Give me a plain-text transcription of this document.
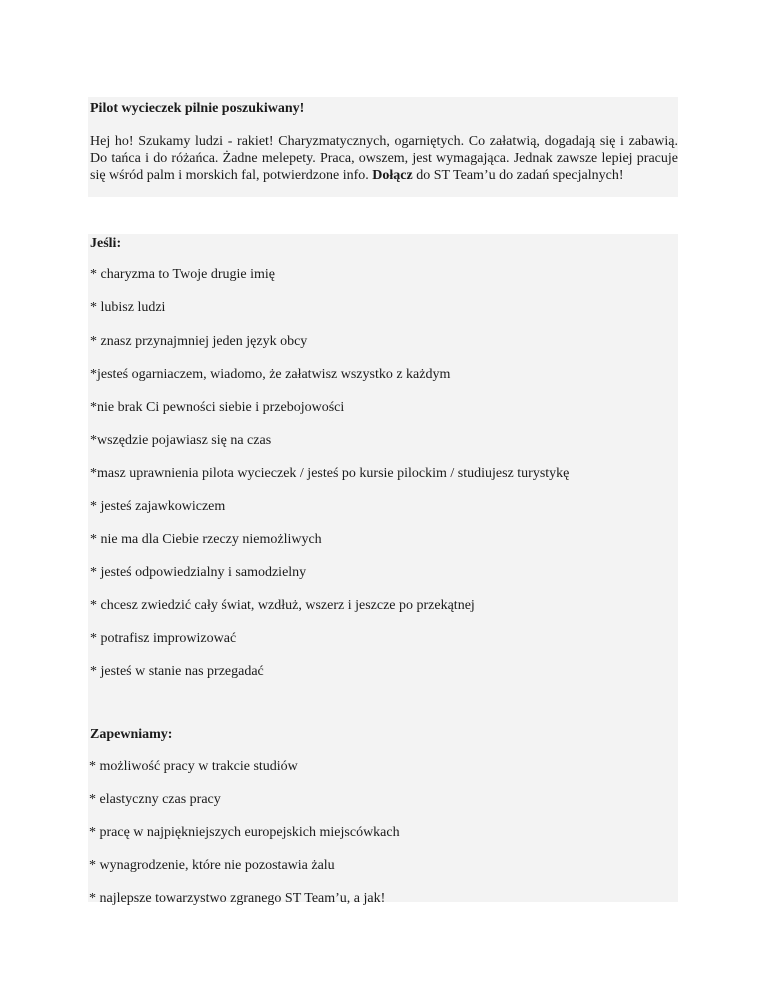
Pilot wycieczek pilnie poszukiwany!
Hej ho! Szukamy ludzi - rakiet! Charyzmatycznych, ogarniętych. Co załatwią, dogadają się i zabawią. Do tańca i do różańca. Żadne melepety. Praca, owszem, jest wymagająca. Jednak zawsze lepiej pracuje się wśród palm i morskich fal, potwierdzone info. Dołącz do ST Team’u do zadań specjalnych!
Jeśli:
* charyzma to Twoje drugie imię
* lubisz ludzi
* znasz przynajmniej jeden język obcy
*jesteś ogarniaczem, wiadomo, że załatwisz wszystko z każdym
*nie brak Ci pewności siebie i przebojowości
*wszędzie pojawiasz się na czas
*masz uprawnienia pilota wycieczek / jesteś po kursie pilockim / studiujesz turystykę
* jesteś zajawkowiczem
* nie ma dla Ciebie rzeczy niemożliwych
* jesteś odpowiedzialny i samodzielny
* chcesz zwiedzić cały świat, wzdłuż, wszerz i jeszcze po przekątnej
* potrafisz improwizować
* jesteś w stanie nas przegadać
Zapewniamy:
* możliwość pracy w trakcie studiów
* elastyczny czas pracy
* pracę w najpiękniejszych europejskich miejscówkach
* wynagrodzenie, które nie pozostawia żalu
* najlepsze towarzystwo zgranego ST Team’u, a jak!
